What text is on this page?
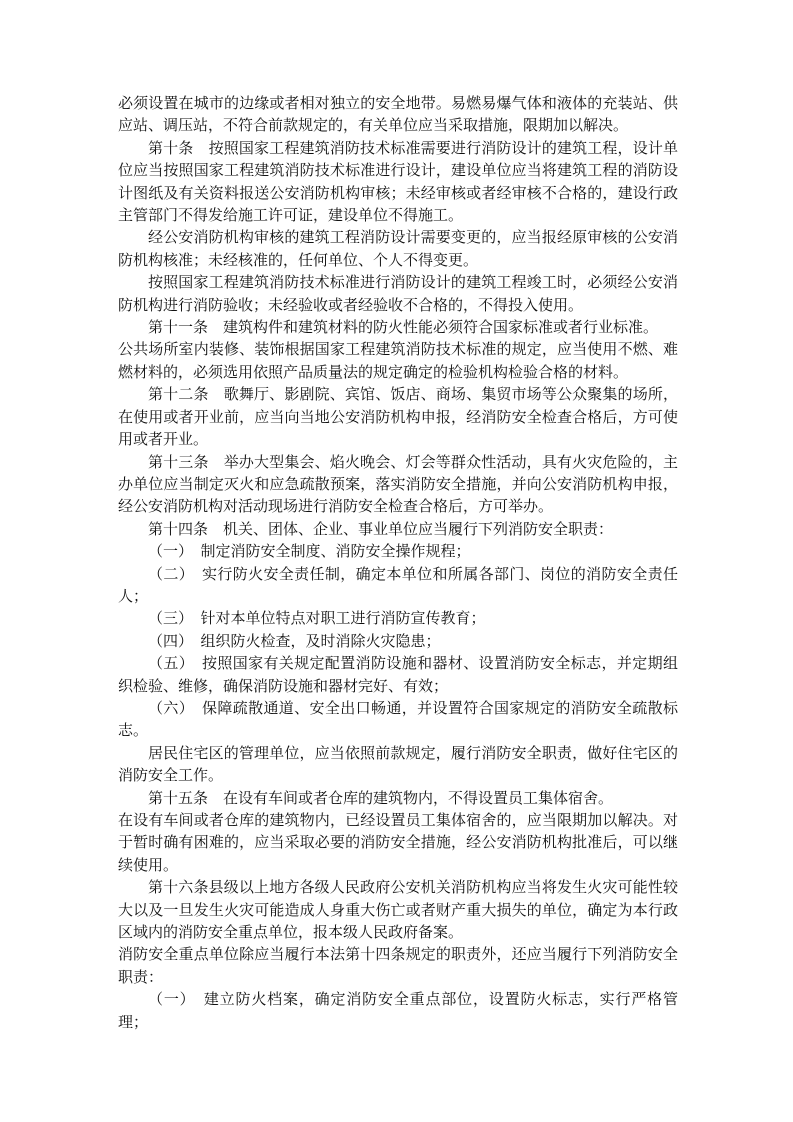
必须设置在城市的边缘或者相对独立的安全地带。易燃易爆气体和液体的充装站、供应站、调压站，不符合前款规定的，有关单位应当采取措施，限期加以解决。

第十条　按照国家工程建筑消防技术标准需要进行消防设计的建筑工程，设计单位应当按照国家工程建筑消防技术标准进行设计，建设单位应当将建筑工程的消防设计图纸及有关资料报送公安消防机构审核；未经审核或者经审核不合格的，建设行政主管部门不得发给施工许可证，建设单位不得施工。

经公安消防机构审核的建筑工程消防设计需要变更的，应当报经原审核的公安消防机构核准；未经核准的，任何单位、个人不得变更。

按照国家工程建筑消防技术标准进行消防设计的建筑工程竣工时，必须经公安消防机构进行消防验收；未经验收或者经验收不合格的，不得投入使用。

第十一条　建筑构件和建筑材料的防火性能必须符合国家标准或者行业标准。

公共场所室内装修、装饰根据国家工程建筑消防技术标准的规定，应当使用不燃、难燃材料的，必须选用依照产品质量法的规定确定的检验机构检验合格的材料。

第十二条　歌舞厅、影剧院、宾馆、饭店、商场、集贸市场等公众聚集的场所，在使用或者开业前，应当向当地公安消防机构申报，经消防安全检查合格后，方可使用或者开业。

第十三条　举办大型集会、焰火晚会、灯会等群众性活动，具有火灾危险的，主办单位应当制定灭火和应急疏散预案，落实消防安全措施，并向公安消防机构申报，经公安消防机构对活动现场进行消防安全检查合格后，方可举办。

第十四条　机关、团体、企业、事业单位应当履行下列消防安全职责：

（一）　制定消防安全制度、消防安全操作规程；

（二）　实行防火安全责任制，确定本单位和所属各部门、岗位的消防安全责任人；

（三）　针对本单位特点对职工进行消防宣传教育；

（四）　组织防火检查，及时消除火灾隐患；

（五）　按照国家有关规定配置消防设施和器材、设置消防安全标志，并定期组织检验、维修，确保消防设施和器材完好、有效；

（六）　保障疏散通道、安全出口畅通，并设置符合国家规定的消防安全疏散标志。

居民住宅区的管理单位，应当依照前款规定，履行消防安全职责，做好住宅区的消防安全工作。

第十五条　在设有车间或者仓库的建筑物内，不得设置员工集体宿舍。

在设有车间或者仓库的建筑物内，已经设置员工集体宿舍的，应当限期加以解决。对于暂时确有困难的，应当采取必要的消防安全措施，经公安消防机构批准后，可以继续使用。

第十六条县级以上地方各级人民政府公安机关消防机构应当将发生火灾可能性较大以及一旦发生火灾可能造成人身重大伤亡或者财产重大损失的单位，确定为本行政区域内的消防安全重点单位，报本级人民政府备案。

消防安全重点单位除应当履行本法第十四条规定的职责外，还应当履行下列消防安全职责：

（一）　建立防火档案，确定消防安全重点部位，设置防火标志，实行严格管理；
